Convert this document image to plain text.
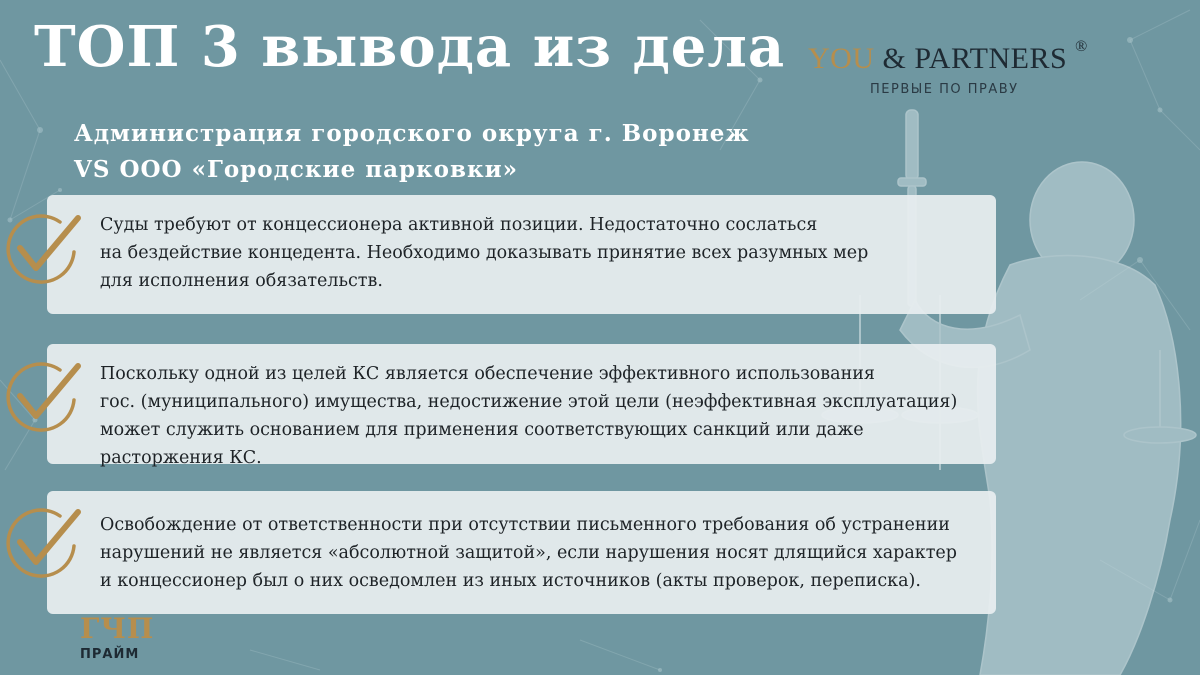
ТОП 3 вывода из дела
Администрация городского округа г. Воронеж
VS ООО «Городские парковки»
YOU & PARTNERS ®
ПЕРВЫЕ ПО ПРАВУ

Суды требуют от концессионера активной позиции. Недостаточно сослаться
на бездействие концедента. Необходимо доказывать принятие всех разумных мер
для исполнения обязательств.

Поскольку одной из целей КС является обеспечение эффективного использования
гос. (муниципального) имущества, недостижение этой цели (неэффективная эксплуатация)
может служить основанием для применения соответствующих санкций или даже
расторжения КС.

Освобождение от ответственности при отсутствии письменного требования об устранении
нарушений не является «абсолютной защитой», если нарушения носят длящийся характер
и концессионер был о них осведомлен из иных источников (акты проверок, переписка).

ГЧП
ПРАЙМ
